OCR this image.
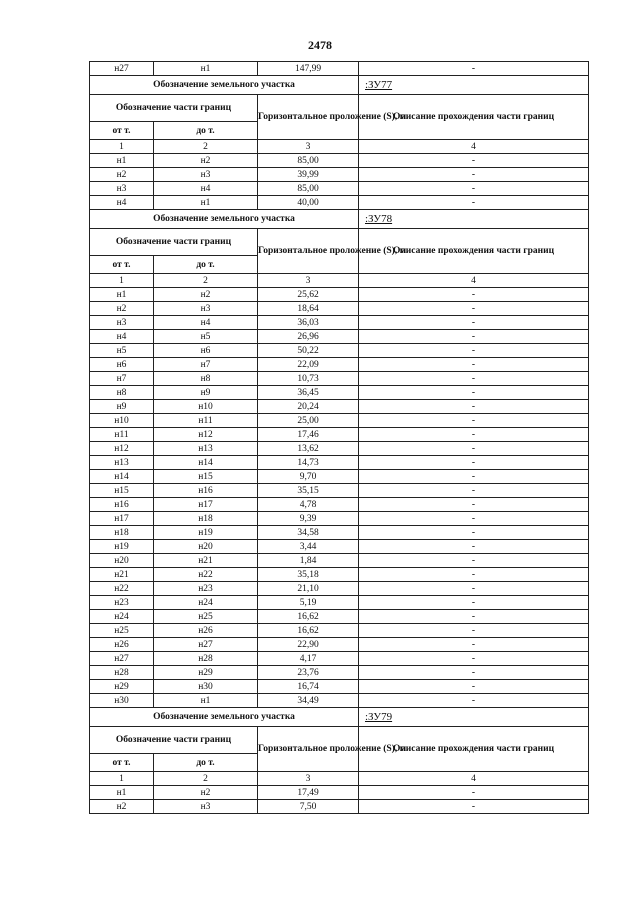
2478
н27	н1	147,99	-
Обозначение земельного участка			:ЗУ77
Обозначение части границ		Горизонтальное проложение (S), м	Описание прохождения части границ
от т.	до т.		
1	2	3	4
н1	н2	85,00	-
н2	н3	39,99	-
н3	н4	85,00	-
н4	н1	40,00	-
Обозначение земельного участка			:ЗУ78
Обозначение части границ		Горизонтальное проложение (S), м	Описание прохождения части границ
от т.	до т.		
1	2	3	4
н1	н2	25,62	-
н2	н3	18,64	-
н3	н4	36,03	-
н4	н5	26,96	-
н5	н6	50,22	-
н6	н7	22,09	-
н7	н8	10,73	-
н8	н9	36,45	-
н9	н10	20,24	-
н10	н11	25,00	-
н11	н12	17,46	-
н12	н13	13,62	-
н13	н14	14,73	-
н14	н15	9,70	-
н15	н16	35,15	-
н16	н17	4,78	-
н17	н18	9,39	-
н18	н19	34,58	-
н19	н20	3,44	-
н20	н21	1,84	-
н21	н22	35,18	-
н22	н23	21,10	-
н23	н24	5,19	-
н24	н25	16,62	-
н25	н26	16,62	-
н26	н27	22,90	-
н27	н28	4,17	-
н28	н29	23,76	-
н29	н30	16,74	-
н30	н1	34,49	-
Обозначение земельного участка			:ЗУ79
Обозначение части границ		Горизонтальное проложение (S), м	Описание прохождения части границ
от т.	до т.		
1	2	3	4
н1	н2	17,49	-
н2	н3	7,50	-
